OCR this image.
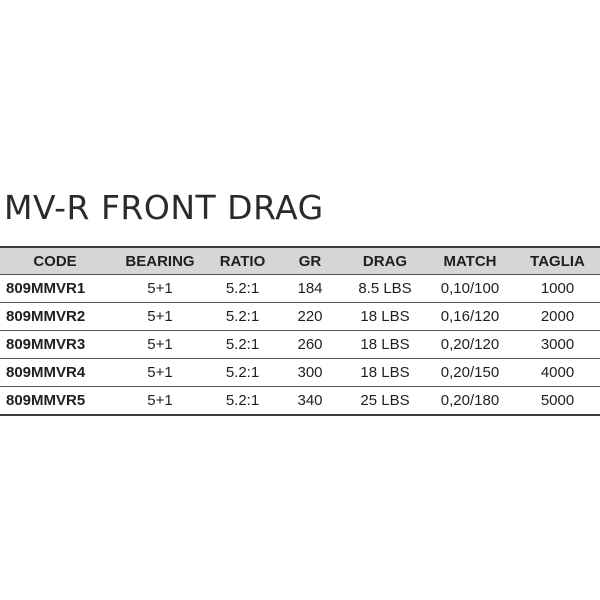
MV-R FRONT DRAG
CODE	BEARING	RATIO	GR	DRAG	MATCH	TAGLIA
809MMVR1	5+1	5.2:1	184	8.5 LBS	0,10/100	1000
809MMVR2	5+1	5.2:1	220	18 LBS	0,16/120	2000
809MMVR3	5+1	5.2:1	260	18 LBS	0,20/120	3000
809MMVR4	5+1	5.2:1	300	18 LBS	0,20/150	4000
809MMVR5	5+1	5.2:1	340	25 LBS	0,20/180	5000
